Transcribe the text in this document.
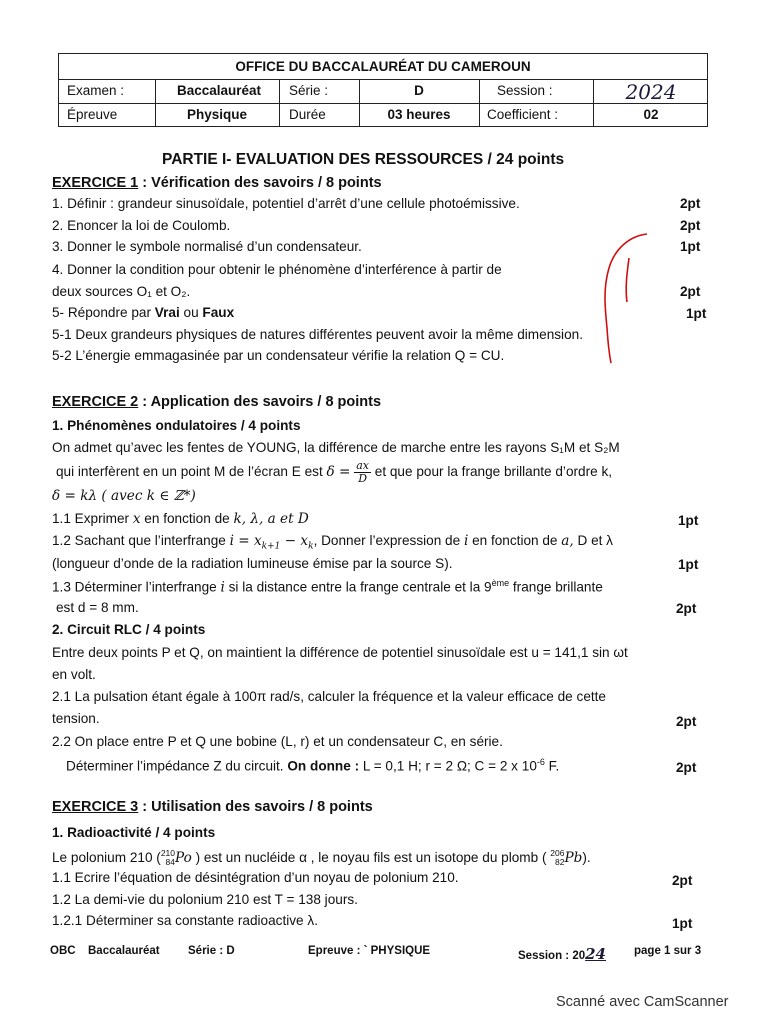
OFFICE DU BACCALAURÉAT DU CAMEROUN
Examen :	Baccalauréat	Série :	D	Session :	2024
Épreuve	Physique	Durée	03 heures	Coefficient :	02
PARTIE I- EVALUATION DES RESSOURCES / 24 points
EXERCICE 1 : Vérification des savoirs / 8 points
1. Définir : grandeur sinusoïdale, potentiel d’arrêt d’une cellule photoémissive.	2pt
2. Enoncer la loi de Coulomb.	2pt
3. Donner le symbole normalisé d’un condensateur.	1pt
4. Donner la condition pour obtenir le phénomène d’interférence à partir de
deux sources O₁ et O₂.	2pt
5- Répondre par Vrai ou Faux	1pt
5-1 Deux grandeurs physiques de natures différentes peuvent avoir la même dimension.
5-2 L’énergie emmagasinée par un condensateur vérifie la relation Q = CU.
EXERCICE 2 : Application des savoirs / 8 points
1. Phénomènes ondulatoires / 4 points
On admet qu’avec les fentes de YOUNG, la différence de marche entre les rayons S₁M et S₂M
qui interfèrent en un point M de l’écran E est $\delta = \frac{ax}{D}$ et que pour la frange brillante d’ordre k,
δ = kλ ( avec k ∈ ℤ*)
1.1 Exprimer x en fonction de k, λ, a et D	1pt
1.2 Sachant que l’interfrange $i = x_{k+1} - x_k$, Donner l’expression de i en fonction de a, D et λ
(longueur d’onde de la radiation lumineuse émise par la source S).	1pt
1.3 Déterminer l’interfrange i si la distance entre la frange centrale et la 9ème frange brillante
est d = 8 mm.	2pt
2. Circuit RLC / 4 points
Entre deux points P et Q, on maintient la différence de potentiel sinusoïdale est u = 141,1 sin ωt
en volt.
2.1 La pulsation étant égale à 100π rad/s, calculer la fréquence et la valeur efficace de cette
tension.	2pt
2.2 On place entre P et Q une bobine (L, r) et un condensateur C, en série.
Déterminer l’impédance Z du circuit. On donne : L = 0,1 H; r = 2 Ω; C = 2 x $10^{-6}$ F.	2pt
EXERCICE 3 : Utilisation des savoirs / 8 points
1. Radioactivité / 4 points
Le polonium 210 ( 210
84 Po ) est un nucléide α , le noyau fils est un isotope du plomb ( 206
82 Pb).
1.1 Ecrire l’équation de désintégration d’un noyau de polonium 210.	2pt
1.2 La demi-vie du polonium 210 est T = 138 jours.
1.2.1 Déterminer sa constante radioactive λ.	1pt
OBC Baccalauréat Série : D	Epreuve : ` PHYSIQUE	Session : 2024 page 1 sur 3
Scanné avec CamScanner
